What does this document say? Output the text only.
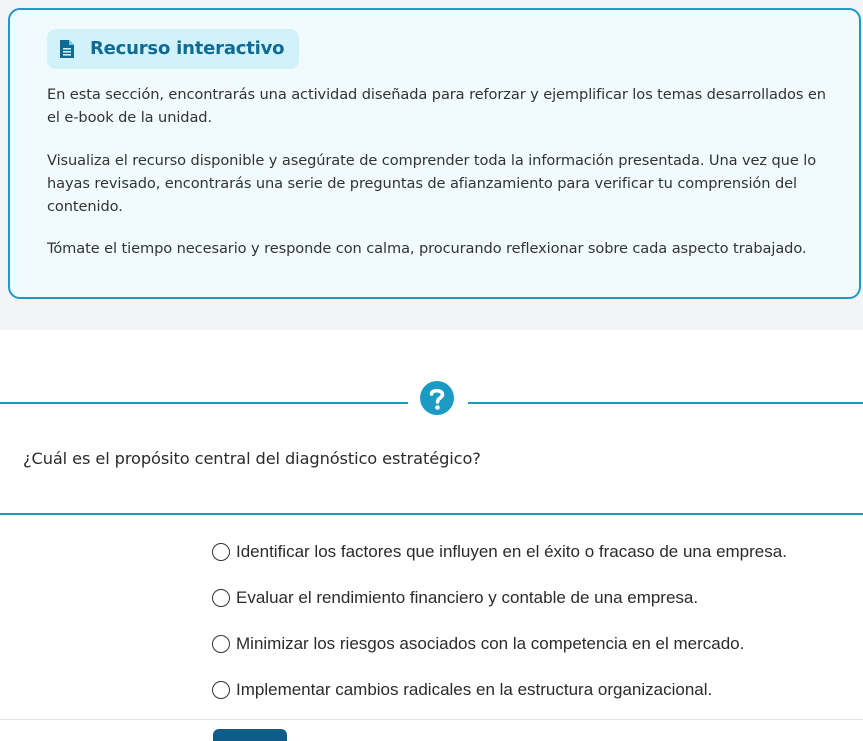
Recurso interactivo

En esta sección, encontrarás una actividad diseñada para reforzar y ejemplificar los temas desarrollados en el e-book de la unidad.

Visualiza el recurso disponible y asegúrate de comprender toda la información presentada. Una vez que lo hayas revisado, encontrarás una serie de preguntas de afianzamiento para verificar tu comprensión del contenido.

Tómate el tiempo necesario y responde con calma, procurando reflexionar sobre cada aspecto trabajado.

¿Cuál es el propósito central del diagnóstico estratégico?
Identificar los factores que influyen en el éxito o fracaso de una empresa.
Evaluar el rendimiento financiero y contable de una empresa.
Minimizar los riesgos asociados con la competencia en el mercado.
Implementar cambios radicales en la estructura organizacional.
